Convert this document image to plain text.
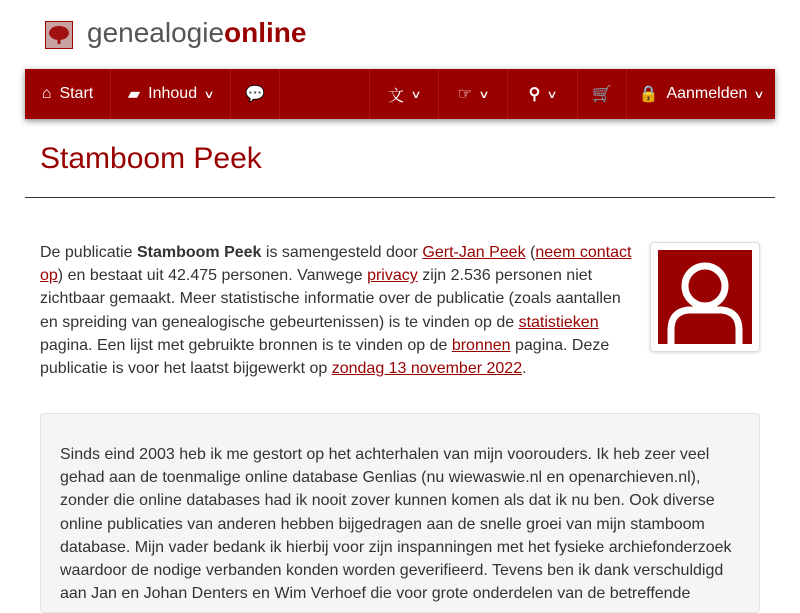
genealogieonline
⌂ Start ▰ Inhoud ∨ 💬	文 ∨ ☞ ∨ ⚲ ∨ 🛒 🔒 Aanmelden ∨
Stamboom Peek

De publicatie Stamboom Peek is samengesteld door Gert-Jan Peek (neem contact op) en bestaat uit 42.475 personen. Vanwege privacy zijn 2.536 personen niet zichtbaar gemaakt. Meer statistische informatie over de publicatie (zoals aantallen en spreiding van genealogische gebeurtenissen) is te vinden op de statistieken pagina. Een lijst met gebruikte bronnen is te vinden op de bronnen pagina. Deze publicatie is voor het laatst bijgewerkt op zondag 13 november 2022.

Sinds eind 2003 heb ik me gestort op het achterhalen van mijn voorouders. Ik heb zeer veel gehad aan de toenmalige online database Genlias (nu wiewaswie.nl en openarchieven.nl), zonder die online databases had ik nooit zover kunnen komen als dat ik nu ben. Ook diverse online publicaties van anderen hebben bijgedragen aan de snelle groei van mijn stamboom database. Mijn vader bedank ik hierbij voor zijn inspanningen met het fysieke archiefonderzoek waardoor de nodige verbanden konden worden geverifieerd. Tevens ben ik dank verschuldigd aan Jan en Johan Denters en Wim Verhoef die voor grote onderdelen van de betreffende
